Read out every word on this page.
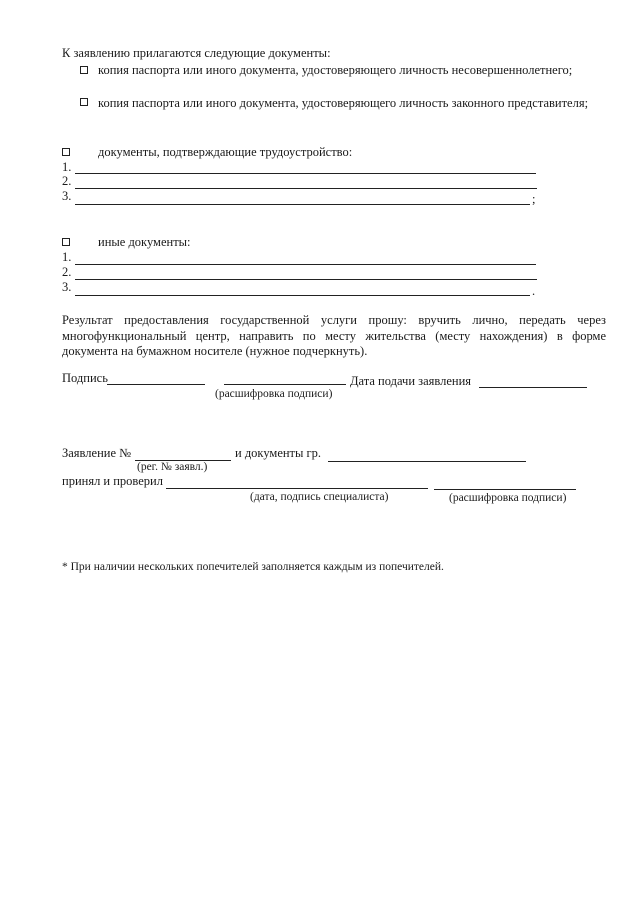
К заявлению прилагаются следующие документы:
копия паспорта или иного документа, удостоверяющего личность несовершеннолетнего;
копия паспорта или иного документа, удостоверяющего личность законного представителя;
документы, подтверждающие трудоустройство:
1.
2.
3.	;
иные документы:
1.
2.
3.	.
Результат предоставления государственной услуги прошу: вручить лично, передать через многофункциональный центр, направить по месту жительства (месту нахождения) в форме документа на бумажном носителе (нужное подчеркнуть).
Подпись	Дата подачи заявления
(расшифровка подписи)
Заявление №	и документы гр.
(рег. № заявл.)
принял и проверил
(дата, подпись специалиста)	(расшифровка подписи)
* При наличии нескольких попечителей заполняется каждым из попечителей.
